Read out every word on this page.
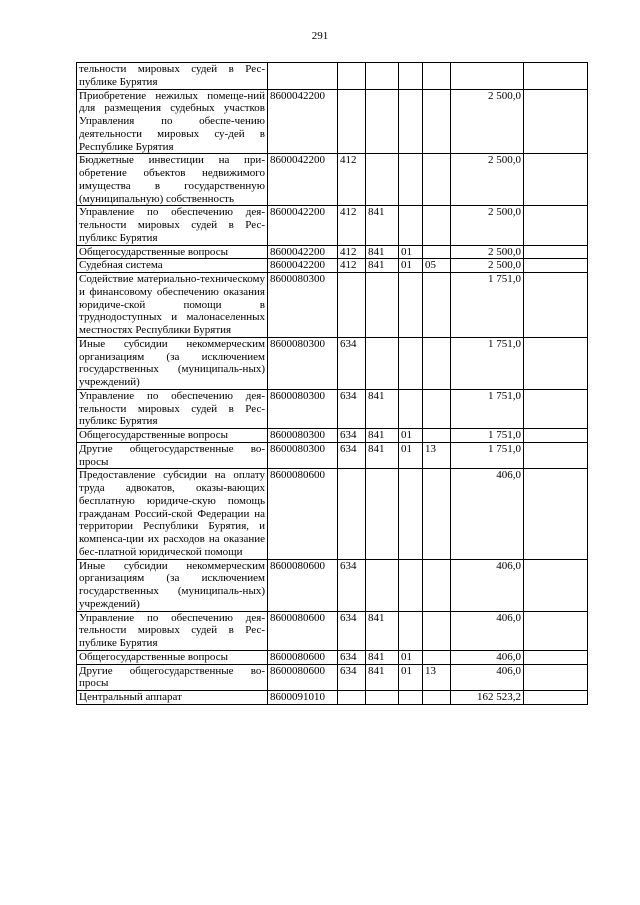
291
тельности мировых судей в Рес-публике Бурятия							
Приобретение нежилых помеще-ний для размещения судебных участков Управления по обеспе-чению деятельности мировых су-дей в Республике Бурятия	8600042200					2 500,0	
Бюджетные инвестиции на при-обретение объектов недвижимого имущества в государственную (муниципальную) собственность	8600042200	412				2 500,0	
Управление по обеспечению дея-тельности мировых судей в Рес-публикс Бурятия	8600042200	412	841			2 500,0	
Общегосударственные вопросы	8600042200	412	841	01		2 500,0	
Судебная система	8600042200	412	841	01	05	2 500,0	
Содействие материально-техническому и финансовому обеспечению оказания юридиче-ской помощи в труднодоступных и малонаселенных местностях Республики Бурятия	8600080300					1 751,0	
Иные субсидии некоммерческим организациям (за исключением государственных (муниципаль-ных) учреждений)	8600080300	634				1 751,0	
Управление по обеспечению дея-тельности мировых судей в Рес-публикс Бурятия	8600080300	634	841			1 751,0	
Общегосударственные вопросы	8600080300	634	841	01		1 751,0	
Другие общегосударственные во-просы	8600080300	634	841	01	13	1 751,0	
Предоставление субсидии на оплату труда адвокатов, оказы-вающих бесплатную юридиче-скую помощь гражданам Россий-ской Федерации на территории Республики Бурятия, и компенса-ции их расходов на оказание бес-платной юридической помощи	8600080600					406,0	
Иные субсидии некоммерческим организациям (за исключением государственных (муниципаль-ных) учреждений)	8600080600	634				406,0	
Управление по обеспечению дея-тельности мировых судей в Рес-публике Бурятия	8600080600	634	841			406,0	
Общегосударственные вопросы	8600080600	634	841	01		406,0	
Другие общегосударственные во-просы	8600080600	634	841	01	13	406,0	
Центральный аппарат	8600091010					162 523,2	
